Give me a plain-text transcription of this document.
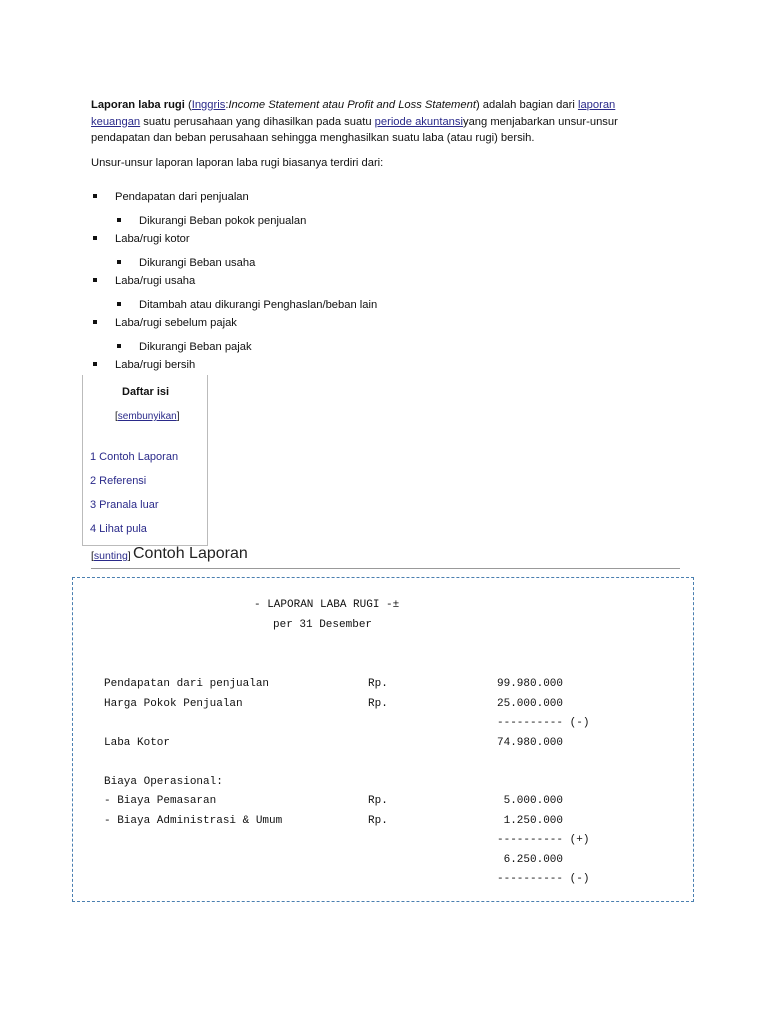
Laporan laba rugi (Inggris:Income Statement atau Profit and Loss Statement) adalah bagian dari laporan
keuangan suatu perusahaan yang dihasilkan pada suatu periode akuntansiyang menjabarkan unsur-unsur
pendapatan dan beban perusahaan sehingga menghasilkan suatu laba (atau rugi) bersih.

Unsur-unsur laporan laporan laba rugi biasanya terdiri dari:

Pendapatan dari penjualan
Dikurangi Beban pokok penjualan
Laba/rugi kotor
Dikurangi Beban usaha
Laba/rugi usaha
Ditambah atau dikurangi Penghaslan/beban lain
Laba/rugi sebelum pajak
Dikurangi Beban pajak
Laba/rugi bersih
Daftar isi
[sembunyikan]
1 Contoh Laporan
2 Referensi
3 Pranala luar
4 Lihat pula
[sunting] Contoh Laporan
- LAPORAN LABA RUGI -±
per 31 Desember
Pendapatan dari penjualan	Rp.	99.980.000
Harga Pokok Penjualan	Rp.	25.000.000
---------- (-)
Laba Kotor	74.980.000
Biaya Operasional:
- Biaya Pemasaran	Rp.	5.000.000
- Biaya Administrasi & Umum	Rp.	1.250.000
---------- (+)
6.250.000
---------- (-)
